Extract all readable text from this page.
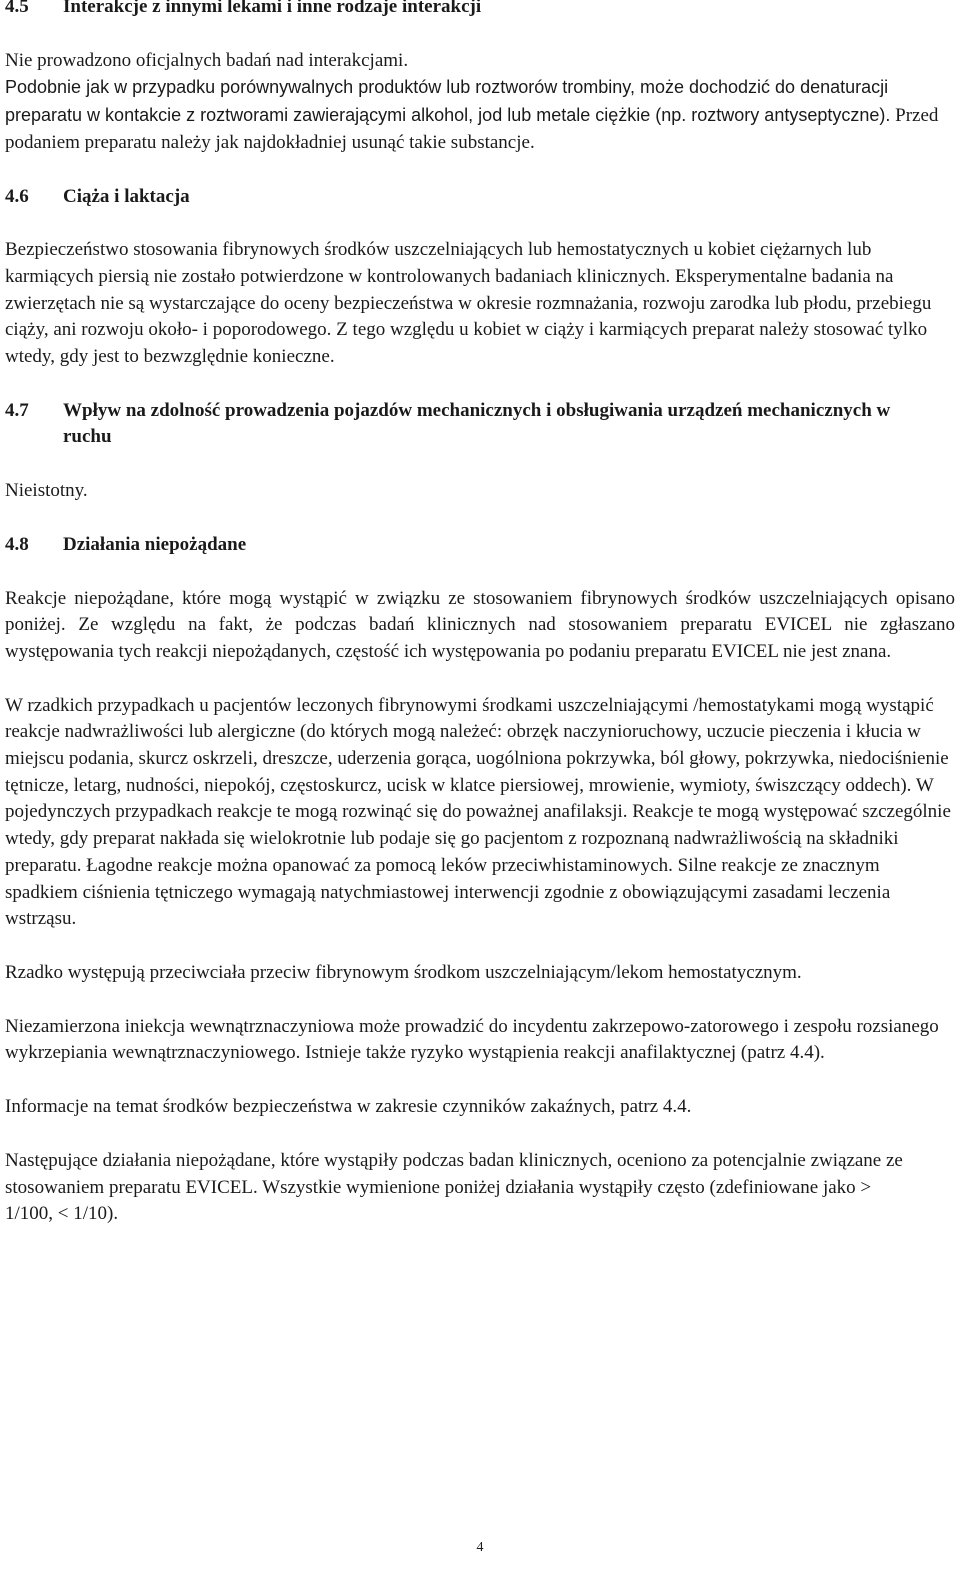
4.5	Interakcje z innymi lekami i inne rodzaje interakcji

Nie prowadzono oficjalnych badań nad interakcjami.

Podobnie jak w przypadku porównywalnych produktów lub roztworów trombiny, może dochodzić do denaturacji preparatu w kontakcie z roztworami zawierającymi alkohol, jod lub metale ciężkie (np. roztwory antyseptyczne). Przed podaniem preparatu należy jak najdokładniej usunąć takie substancje.

4.6	Ciąża i laktacja

Bezpieczeństwo stosowania fibrynowych środków uszczelniających lub hemostatycznych u kobiet ciężarnych lub karmiących piersią nie zostało potwierdzone w kontrolowanych badaniach klinicznych. Eksperymentalne badania na zwierzętach nie są wystarczające do oceny bezpieczeństwa w okresie rozmnażania, rozwoju zarodka lub płodu, przebiegu ciąży, ani rozwoju około- i poporodowego. Z tego względu u kobiet w ciąży i karmiących preparat należy stosować tylko wtedy, gdy jest to bezwzględnie konieczne.

4.7	Wpływ na zdolność prowadzenia pojazdów mechanicznych i obsługiwania urządzeń mechanicznych w ruchu

Nieistotny.

4.8	Działania niepożądane

Reakcje niepożądane, które mogą wystąpić w związku ze stosowaniem fibrynowych środków uszczelniających opisano poniżej. Ze względu na fakt, że podczas badań klinicznych nad stosowaniem preparatu EVICEL nie zgłaszano występowania tych reakcji niepożądanych, częstość ich występowania po podaniu preparatu EVICEL nie jest znana.

W rzadkich przypadkach u pacjentów leczonych fibrynowymi środkami uszczelniającymi /hemostatykami mogą wystąpić reakcje nadwrażliwości lub alergiczne (do których mogą należeć: obrzęk naczynioruchowy, uczucie pieczenia i kłucia w miejscu podania, skurcz oskrzeli, dreszcze, uderzenia gorąca, uogólniona pokrzywka, ból głowy, pokrzywka, niedociśnienie tętnicze, letarg, nudności, niepokój, częstoskurcz, ucisk w klatce piersiowej, mrowienie, wymioty, świszczący oddech). W pojedynczych przypadkach reakcje te mogą rozwinąć się do poważnej anafilaksji. Reakcje te mogą występować szczególnie wtedy, gdy preparat nakłada się wielokrotnie lub podaje się go pacjentom z rozpoznaną nadwrażliwością na składniki preparatu. Łagodne reakcje można opanować za pomocą leków przeciwhistaminowych. Silne reakcje ze znacznym spadkiem ciśnienia tętniczego wymagają natychmiastowej interwencji zgodnie z obowiązującymi zasadami leczenia wstrząsu.

Rzadko występują przeciwciała przeciw fibrynowym środkom uszczelniającym/lekom hemostatycznym.

Niezamierzona iniekcja wewnątrznaczyniowa może prowadzić do incydentu zakrzepowo-zatorowego i zespołu rozsianego wykrzepiania wewnątrznaczyniowego. Istnieje także ryzyko wystąpienia reakcji anafilaktycznej (patrz 4.4).

Informacje na temat środków bezpieczeństwa w zakresie czynników zakaźnych, patrz 4.4.

Następujące działania niepożądane, które wystąpiły podczas badan klinicznych, oceniono za potencjalnie związane ze stosowaniem preparatu EVICEL. Wszystkie wymienione poniżej działania wystąpiły często (zdefiniowane jako > 1/100, < 1/10).

4
